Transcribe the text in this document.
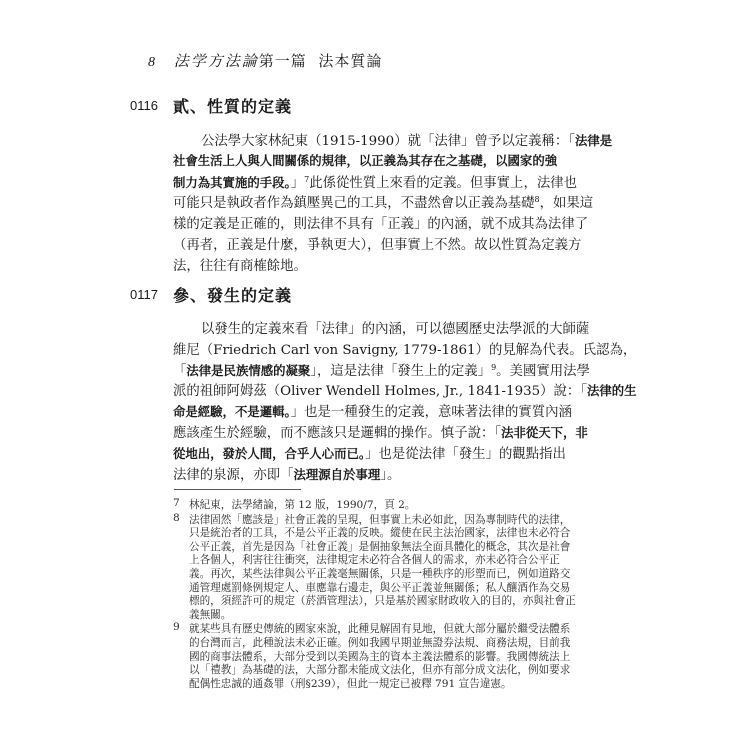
8 法学方法論第一篇 法本質論
0116 貳、性質的定義
公法學大家林紀東（1915-1990）就「法律」曾予以定義稱：「法律是
社會生活上人與人間關係的規律，以正義為其存在之基礎，以國家的強
制力為其實施的手段。」$^7$此係從性質上來看的定義。但事實上，法律也
可能只是執政者作為鎮壓異己的工具，不盡然會以正義為基礎$^8$，如果這
樣的定義是正確的，則法律不具有「正義」的內涵，就不成其為法律了
（再者，正義是什麼，爭執更大），但事實上不然。故以性質為定義方
法，往往有商榷餘地。
0117 參、發生的定義
以發生的定義來看「法律」的內涵，可以德國歷史法學派的大師薩
維尼（Friedrich Carl von Savigny, 1779-1861）的見解為代表。氏認為，
「法律是民族情感的凝聚」，這是法律「發生上的定義」$^9$。美國實用法學
派的祖師阿姆茲（Oliver Wendell Holmes, Jr., 1841-1935）說：「法律的生
命是經驗，不是邏輯。」也是一種發生的定義，意味著法律的實質內涵
應該產生於經驗，而不應該只是邏輯的操作。慎子說：「法非從天下，非
從地出，發於人間，合乎人心而已。」也是從法律「發生」的觀點指出
法律的泉源，亦即「法理源自於事理」。
7 林紀東，法學緒論，第 12 版，1990/7，頁 2。
8 法律固然「應該是」社會正義的呈現，但事實上未必如此，因為專制時代的法律，
只是統治者的工具，不是公平正義的反映。縱使在民主法治國家，法律也未必符合
公平正義，首先是因為「社會正義」是個抽象無法全面具體化的概念，其次是社會
上各個人，利害往往衝突，法律規定未必符合各個人的需求，亦未必符合公平正
義。再次，某些法律與公平正義毫無關係，只是一種秩序的形塑而已，例如道路交
通管理處罰條例規定人、車應靠右邊走，與公平正義並無關係；私人釀酒作為交易
標的，須經許可的規定（菸酒管理法），只是基於國家財政收入的目的，亦與社會正
義無關。
9 就某些具有歷史傳統的國家來說，此種見解固有見地，但就大部分屬於繼受法體系
的台灣而言，此種說法未必正確。例如我國早期並無證券法規、商務法規，目前我
國的商事法體系，大部分受到以美國為主的資本主義法體系的影響。我國傳統法上
以「禮教」為基礎的法，大部分都未能成文法化，但亦有部分成文法化，例如要求
配偶性忠誠的通姦罪（刑§239），但此一規定已被釋 791 宣告違憲。
